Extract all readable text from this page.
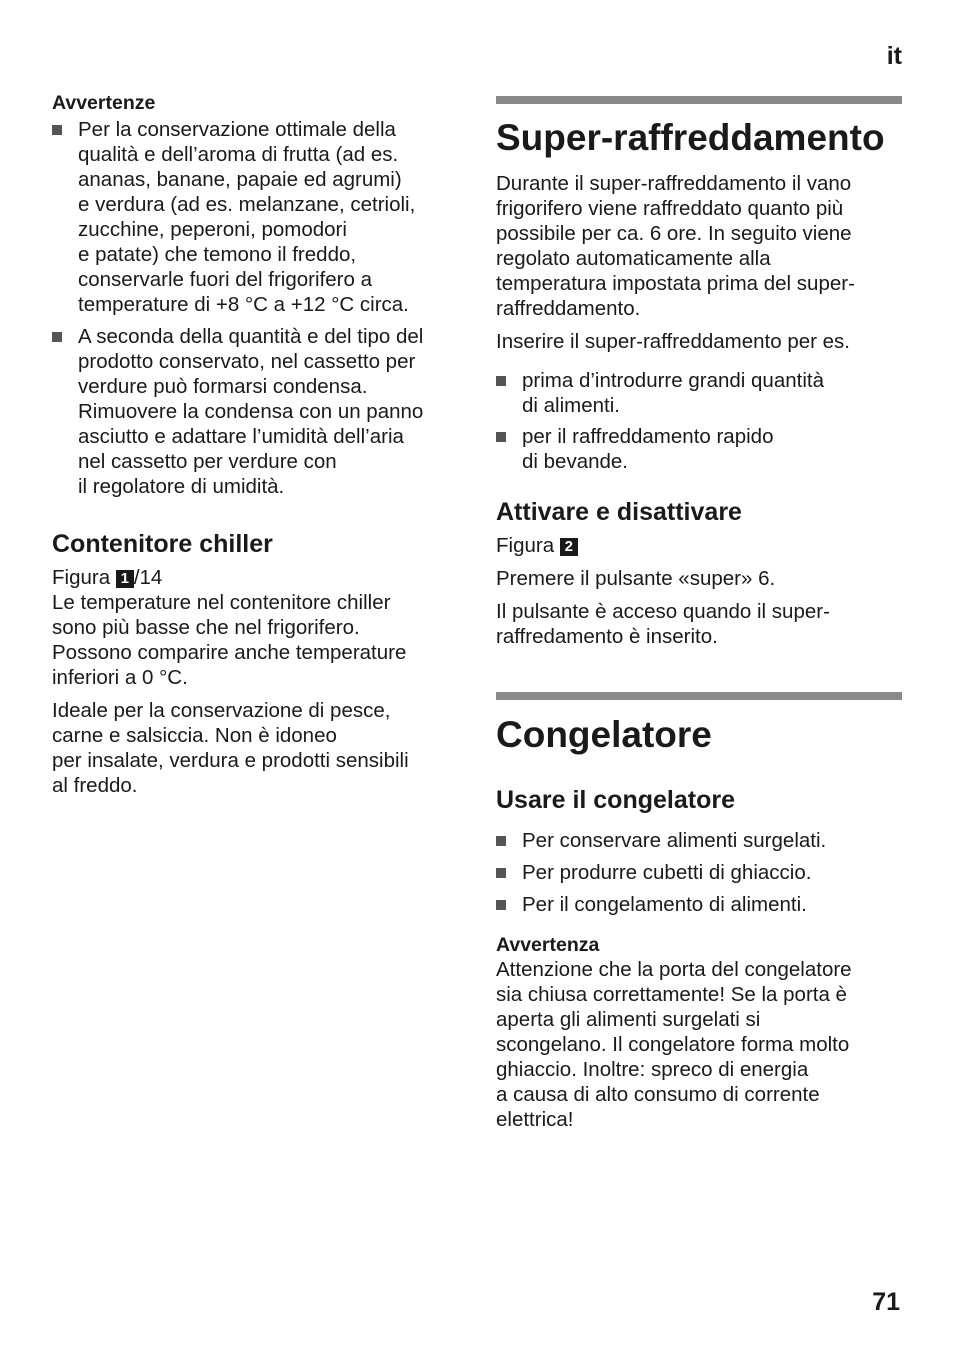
it
Avvertenze
Per la conservazione ottimale della
qualità e dell’aroma di frutta (ad es.
ananas, banane, papaie ed agrumi)
e verdura (ad es. melanzane, cetrioli,
zucchine, peperoni, pomodori
e patate) che temono il freddo,
conservarle fuori del frigorifero a
temperature di +8 °C a +12 °C circa.
A seconda della quantità e del tipo del
prodotto conservato, nel cassetto per
verdure può formarsi condensa.
Rimuovere la condensa con un panno
asciutto e adattare l’umidità dell’aria
nel cassetto per verdure con
il regolatore di umidità.
Contenitore chiller

Figura 1 /14

Le temperature nel contenitore chiller
sono più basse che nel frigorifero.
Possono comparire anche temperature
inferiori a 0 °C.

Ideale per la conservazione di pesce,
carne e salsiccia. Non è idoneo
per insalate, verdura e prodotti sensibili
al freddo.

Super-raffreddamento

Durante il super-raffreddamento il vano
frigorifero viene raffreddato quanto più
possibile per ca. 6 ore. In seguito viene
regolato automaticamente alla
temperatura impostata prima del super-
raffreddamento.

Inserire il super-raffreddamento per es.

prima d’introdurre grandi quantità
di alimenti.
per il raffreddamento rapido
di bevande.
Attivare e disattivare

Figura 2

Premere il pulsante «super» 6.

Il pulsante è acceso quando il super-
raffredamento è inserito.

Congelatore
Usare il congelatore
Per conservare alimenti surgelati.
Per produrre cubetti di ghiaccio.
Per il congelamento di alimenti.
Avvertenza

Attenzione che la porta del congelatore
sia chiusa correttamente! Se la porta è
aperta gli alimenti surgelati si
scongelano. Il congelatore forma molto
ghiaccio. Inoltre: spreco di energia
a causa di alto consumo di corrente
elettrica!

71
